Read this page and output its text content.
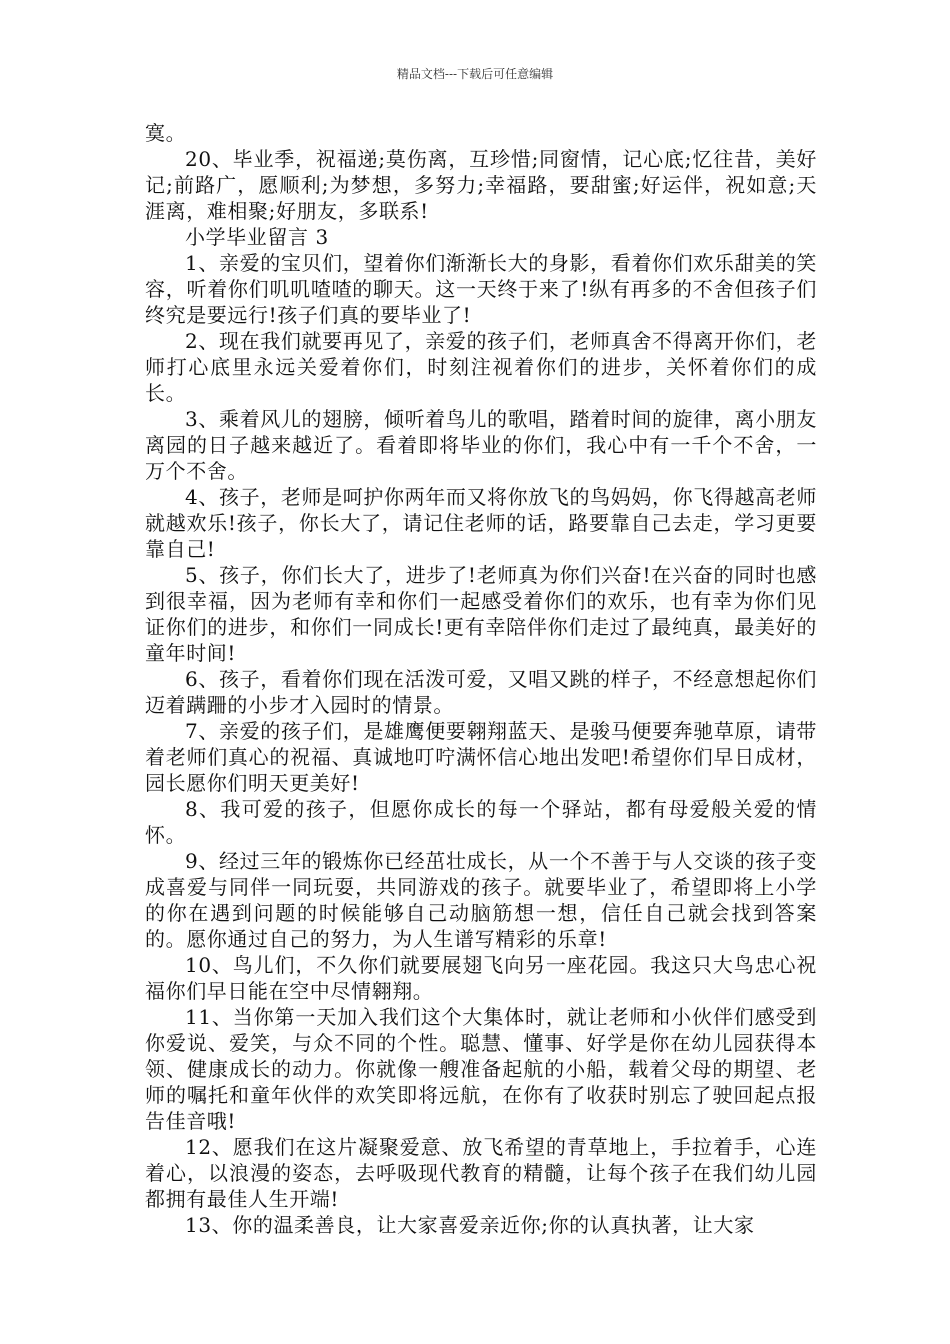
精品文档---下载后可任意编辑

寞。

20、毕业季，祝福递;莫伤离，互珍惜;同窗情，记心底;忆往昔，美好记;前路广，愿顺利;为梦想，多努力;幸福路，要甜蜜;好运伴，祝如意;天涯离，难相聚;好朋友，多联系!

小学毕业留言 3

1、亲爱的宝贝们，望着你们渐渐长大的身影，看着你们欢乐甜美的笑容，听着你们叽叽喳喳的聊天。这一天终于来了!纵有再多的不舍但孩子们终究是要远行!孩子们真的要毕业了!

2、现在我们就要再见了，亲爱的孩子们，老师真舍不得离开你们，老师打心底里永远关爱着你们，时刻注视着你们的进步，关怀着你们的成长。

3、乘着风儿的翅膀，倾听着鸟儿的歌唱，踏着时间的旋律，离小朋友离园的日子越来越近了。看着即将毕业的你们，我心中有一千个不舍，一万个不舍。

4、孩子，老师是呵护你两年而又将你放飞的鸟妈妈，你飞得越高老师就越欢乐!孩子，你长大了，请记住老师的话，路要靠自己去走，学习更要靠自己!

5、孩子，你们长大了，进步了!老师真为你们兴奋!在兴奋的同时也感到很幸福，因为老师有幸和你们一起感受着你们的欢乐，也有幸为你们见证你们的进步，和你们一同成长!更有幸陪伴你们走过了最纯真，最美好的童年时间!

6、孩子，看着你们现在活泼可爱，又唱又跳的样子，不经意想起你们迈着蹒跚的小步才入园时的情景。

7、亲爱的孩子们，是雄鹰便要翱翔蓝天、是骏马便要奔驰草原，请带着老师们真心的祝福、真诚地叮咛满怀信心地出发吧!希望你们早日成材，园长愿你们明天更美好!

8、我可爱的孩子，但愿你成长的每一个驿站，都有母爱般关爱的情怀。

9、经过三年的锻炼你已经茁壮成长，从一个不善于与人交谈的孩子变成喜爱与同伴一同玩耍，共同游戏的孩子。就要毕业了，希望即将上小学的你在遇到问题的时候能够自己动脑筋想一想，信任自己就会找到答案的。愿你通过自己的努力，为人生谱写精彩的乐章!

10、鸟儿们，不久你们就要展翅飞向另一座花园。我这只大鸟忠心祝福你们早日能在空中尽情翱翔。

11、当你第一天加入我们这个大集体时，就让老师和小伙伴们感受到你爱说、爱笑，与众不同的个性。聪慧、懂事、好学是你在幼儿园获得本领、健康成长的动力。你就像一艘准备起航的小船，载着父母的期望、老师的嘱托和童年伙伴的欢笑即将远航，在你有了收获时别忘了驶回起点报告佳音哦!

12、愿我们在这片凝聚爱意、放飞希望的青草地上，手拉着手，心连着心，以浪漫的姿态，去呼吸现代教育的精髓，让每个孩子在我们幼儿园都拥有最佳人生开端!

13、你的温柔善良，让大家喜爱亲近你;你的认真执著，让大家
